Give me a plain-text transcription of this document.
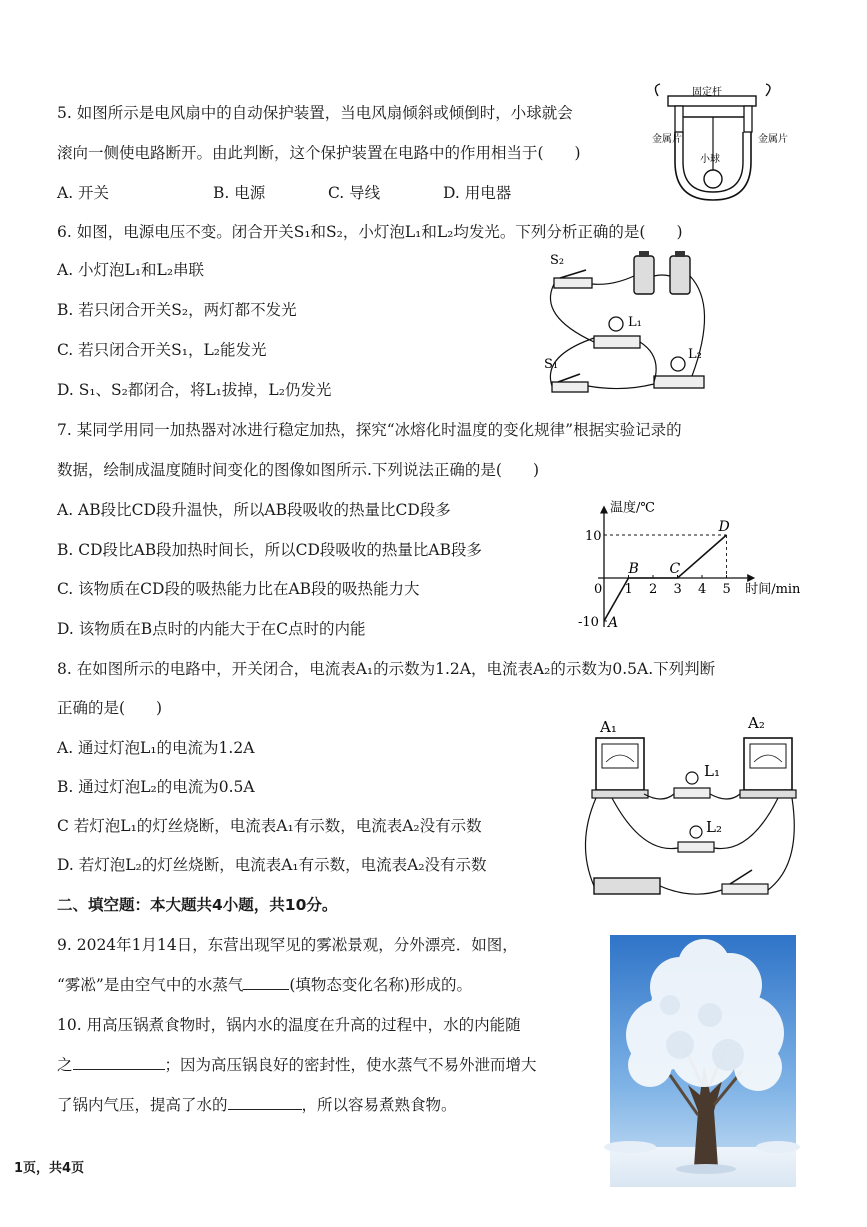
5. 如图所示是电风扇中的自动保护装置，当电风扇倾斜或倾倒时，小球就会
滚向一侧使电路断开。由此判断，这个保护装置在电路中的作用相当于(　　)
A. 开关	B. 电源	C. 导线	D. 用电器
固定杆
小球
金属片	金属片
6. 如图，电源电压不变。闭合开关S₁和S₂，小灯泡L₁和L₂均发光。下列分析正确的是(　　)
A. 小灯泡L₁和L₂串联
B. 若只闭合开关S₂，两灯都不发光
C. 若只闭合开关S₁，L₂能发光
D. S₁、S₂都闭合，将L₁拔掉，L₂仍发光
S₂
L₁
S₁
L₂
7. 某同学用同一加热器对冰进行稳定加热，探究“冰熔化时温度的变化规律”根据实验记录的
数据，绘制成温度随时间变化的图像如图所示.下列说法正确的是(　　)
A. AB段比CD段升温快，所以AB段吸收的热量比CD段多
B. CD段比AB段加热时间长，所以CD段吸收的热量比AB段多
C. 该物质在CD段的吸热能力比在AB段的吸热能力大
D. 该物质在B点时的内能大于在C点时的内能
0 1 2 3 4 5
10
-10
温度/℃
时间/min
A
B C
D
8. 在如图所示的电路中，开关闭合，电流表A₁的示数为1.2A，电流表A₂的示数为0.5A.下列判断
正确的是(　　)
A. 通过灯泡L₁的电流为1.2A
B. 通过灯泡L₂的电流为0.5A
C 若灯泡L₁的灯丝烧断，电流表A₁有示数，电流表A₂没有示数
D. 若灯泡L₂的灯丝烧断，电流表A₁有示数，电流表A₂没有示数
A₁	A₂
L₁
L₂
二、填空题：本大题共4小题，共10分。
9. 2024年1月14日，东营出现罕见的雾凇景观，分外漂亮．如图，
“雾凇”是由空气中的水蒸气	(填物态变化名称)形成的。
10. 用高压锅煮食物时，锅内水的温度在升高的过程中，水的内能随
之	；因为高压锅良好的密封性，使水蒸气不易外泄而增大
了锅内气压，提高了水的	，所以容易煮熟食物。
1页，共4页
